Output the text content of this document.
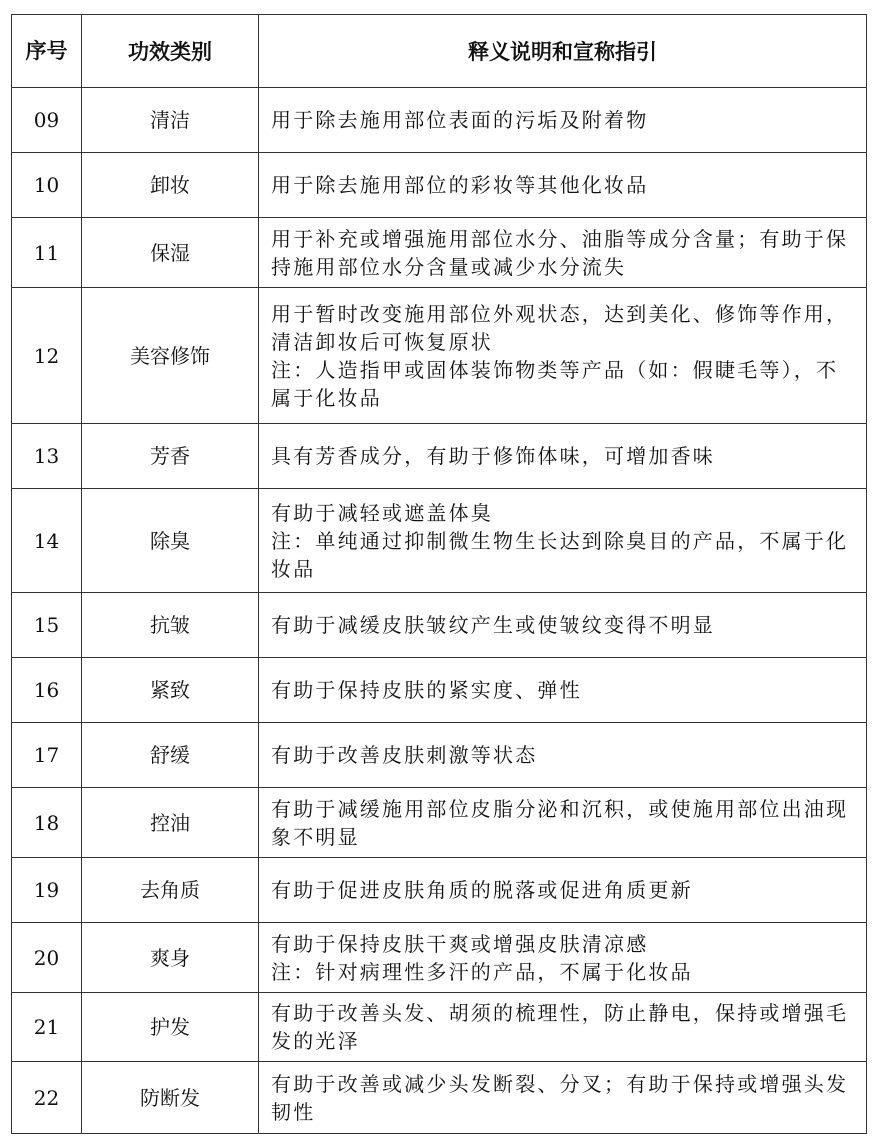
序号	功效类别	释义说明和宣称指引
09	清洁	用于除去施用部位表面的污垢及附着物

10	卸妆	用于除去施用部位的彩妆等其他化妆品

11	保湿	用于补充或增强施用部位水分、油脂等成分含量；有助于保持施用部位水分含量或减少水分流失

12	美容修饰	用于暂时改变施用部位外观状态，达到美化、修饰等作用，清洁卸妆后可恢复原状
注：人造指甲或固体装饰物类等产品（如：假睫毛等），不属于化妆品

13	芳香	具有芳香成分，有助于修饰体味，可增加香味

14	除臭	有助于减轻或遮盖体臭
注：单纯通过抑制微生物生长达到除臭目的产品，不属于化妆品

15	抗皱	有助于减缓皮肤皱纹产生或使皱纹变得不明显

16	紧致	有助于保持皮肤的紧实度、弹性

17	舒缓	有助于改善皮肤刺激等状态

18	控油	有助于减缓施用部位皮脂分泌和沉积，或使施用部位出油现象不明显

19	去角质	有助于促进皮肤角质的脱落或促进角质更新

20	爽身	有助于保持皮肤干爽或增强皮肤清凉感
注：针对病理性多汗的产品，不属于化妆品

21	护发	有助于改善头发、胡须的梳理性，防止静电，保持或增强毛发的光泽

22	防断发	有助于改善或减少头发断裂、分叉；有助于保持或增强头发韧性
